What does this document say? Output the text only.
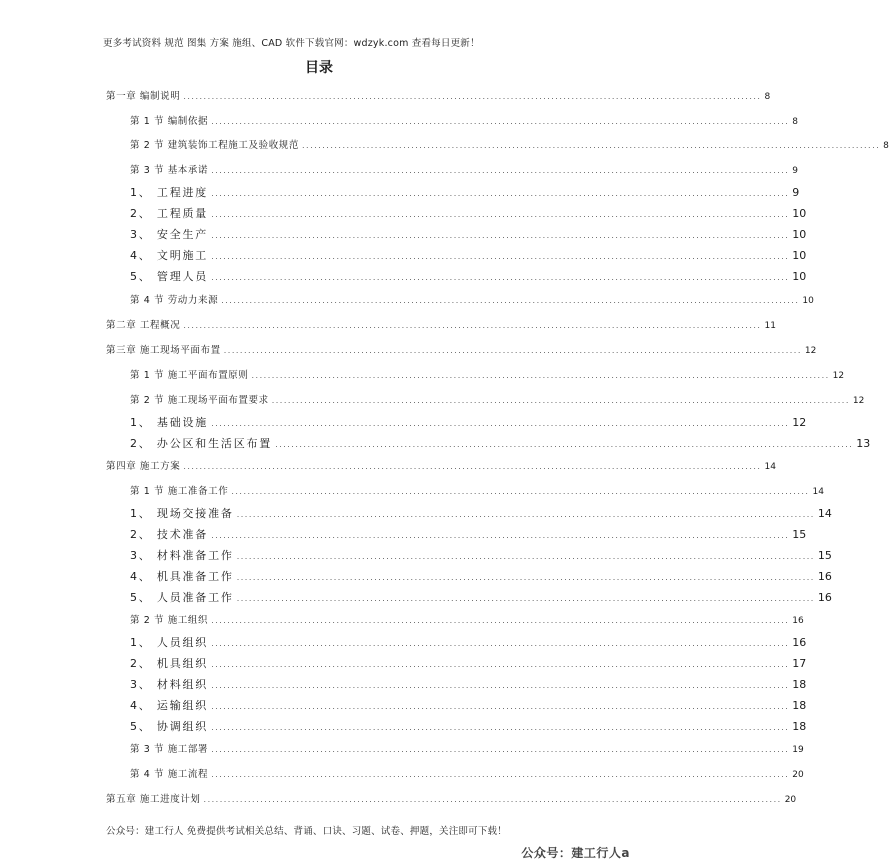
更多考试资料 规范 图集 方案 施组、CAD 软件下载官网：wdzyk.com 查看每日更新！
目录
第一章 编制说明 ............................................................................................................................................... 8
第 1 节 编制依据 ............................................................................................................................................... 8
第 2 节 建筑装饰工程施工及验收规范 ............................................................................................................................................... 8
第 3 节 基本承诺 ............................................................................................................................................... 9
1、 工程进度 ............................................................................................................................................... 9
2、 工程质量 ............................................................................................................................................... 10
3、 安全生产 ............................................................................................................................................... 10
4、 文明施工 ............................................................................................................................................... 10
5、 管理人员 ............................................................................................................................................... 10
第 4 节 劳动力来源 ............................................................................................................................................... 10
第二章 工程概况 ............................................................................................................................................... 11
第三章 施工现场平面布置 ............................................................................................................................................... 12
第 1 节 施工平面布置原则 ............................................................................................................................................... 12
第 2 节 施工现场平面布置要求 ............................................................................................................................................... 12
1、 基础设施 ............................................................................................................................................... 12
2、 办公区和生活区布置 ............................................................................................................................................... 13
第四章 施工方案 ............................................................................................................................................... 14
第 1 节 施工准备工作 ............................................................................................................................................... 14
1、 现场交接准备 ............................................................................................................................................... 14
2、 技术准备 ............................................................................................................................................... 15
3、 材料准备工作 ............................................................................................................................................... 15
4、 机具准备工作 ............................................................................................................................................... 16
5、 人员准备工作 ............................................................................................................................................... 16
第 2 节 施工组织 ............................................................................................................................................... 16
1、 人员组织 ............................................................................................................................................... 16
2、 机具组织 ............................................................................................................................................... 17
3、 材料组织 ............................................................................................................................................... 18
4、 运输组织 ............................................................................................................................................... 18
5、 协调组织 ............................................................................................................................................... 18
第 3 节 施工部署 ............................................................................................................................................... 19
第 4 节 施工流程 ............................................................................................................................................... 20
第五章 施工进度计划 ............................................................................................................................................... 20
公众号：建工行人 免费提供考试相关总结、背诵、口诀、习题、试卷、押题，关注即可下载！
公众号：建工行人a
